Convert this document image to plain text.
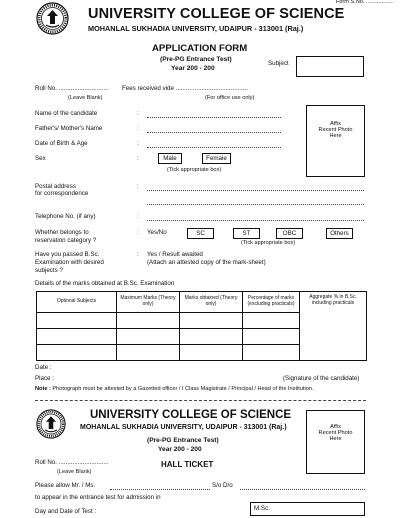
Form S.No. ..................
UNIVERSITY COLLEGE OF SCIENCE
MOHANLAL SUKHADIA UNIVERSITY, UDAIPUR - 313001 (Raj.)
APPLICATION FORM
(Pre-PG Entrance Test)
Year 200 - 200
Subject
Roll No. .............................
(Leave Blank)
Fees received vide ..........................................
(For office use only)
Affix
Recent Photo
Here
Name of the candidate	:
Father's/ Mother's Name	:
Date of Birth & Age	:
Sex	:	Male	Female
(Tick appropriate box)
Postal address
for correspondence
:
Telephone No. (if any)	:
Whether belongs to
reservation category ?
: Yes/No	SC	ST	OBC	Others
(Tick appropriate box)
Have you passed B.Sc.
Examination with desired
subjects ?
: Yes / Result awaited
(Attach an attested copy of the mark-sheet)
Details of the marks obtained at B.Sc. Examination
Optional Subjects	Maximum Marks (Theory only)	Marks obtained (Theory only)	Percentage of marks (excluding practicals)	Aggregate % in B.Sc. including practicals

Date :
Place :	(Signature of the candidate)
Note : Photograph must be attested by a Gazetted officer / I Class Magistrate / Principal / Head of the Institution.
UNIVERSITY COLLEGE OF SCIENCE
MOHANLAL SUKHADIA UNIVERSITY, UDAIPUR - 313001 (Raj.)	Affix
Recent Photo
Here
(Pre-PG Entrance Test)
Year 200 - 200
HALL TICKET
Roll No. .............................
(Leave Blank)
Please allow Mr. / Ms.	S/o D/o
to appear in the entrance test for admission in
Day and Date of Test :	M.Sc.
